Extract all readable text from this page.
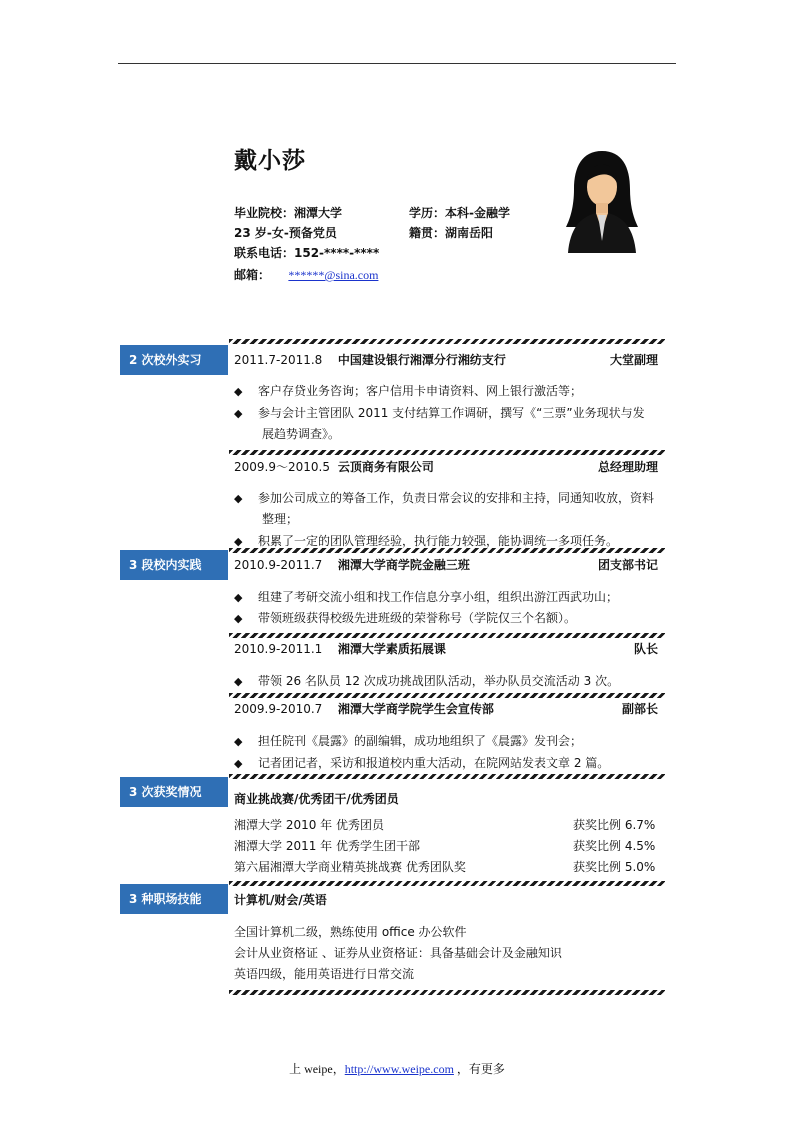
戴小莎
毕业院校：湘潭大学	学历：本科-金融学
23 岁-女-预备党员	籍贯：湖南岳阳
联系电话：152-****-****
邮箱： ******@sina.com
2 次校外实习	2011.7-2011.8 中国建设银行湘潭分行湘纺支行	大堂副理
◆ 客户存贷业务咨询；客户信用卡申请资料、网上银行激活等；
◆ 参与会计主管团队 2011 支付结算工作调研，撰写《“三票”业务现状与发
展趋势调查》。
2009.9～2010.5 云顶商务有限公司	总经理助理
◆ 参加公司成立的筹备工作，负责日常会议的安排和主持，同通知收放，资料
整理；
◆ 积累了一定的团队管理经验，执行能力较强，能协调统一多项任务。
3 段校内实践	2010.9-2011.7 湘潭大学商学院金融三班	团支部书记
◆ 组建了考研交流小组和找工作信息分享小组，组织出游江西武功山；
◆ 带领班级获得校级先进班级的荣誉称号（学院仅三个名额）。
2010.9-2011.1 湘潭大学素质拓展课	队长
◆ 带领 26 名队员 12 次成功挑战团队活动，举办队员交流活动 3 次。
2009.9-2010.7 湘潭大学商学院学生会宣传部	副部长
◆ 担任院刊《晨露》的副编辑，成功地组织了《晨露》发刊会；
◆ 记者团记者，采访和报道校内重大活动，在院网站发表文章 2 篇。
3 次获奖情况	商业挑战赛/优秀团干/优秀团员
湘潭大学 2010 年 优秀团员	获奖比例 6.7%
湘潭大学 2011 年 优秀学生团干部	获奖比例 4.5%
第六届湘潭大学商业精英挑战赛 优秀团队奖	获奖比例 5.0%
3 种职场技能	计算机/财会/英语
全国计算机二级，熟练使用 office 办公软件
会计从业资格证 、证券从业资格证：具备基础会计及金融知识
英语四级，能用英语进行日常交流
上 weipe，http://www.weipe.com ，有更多
